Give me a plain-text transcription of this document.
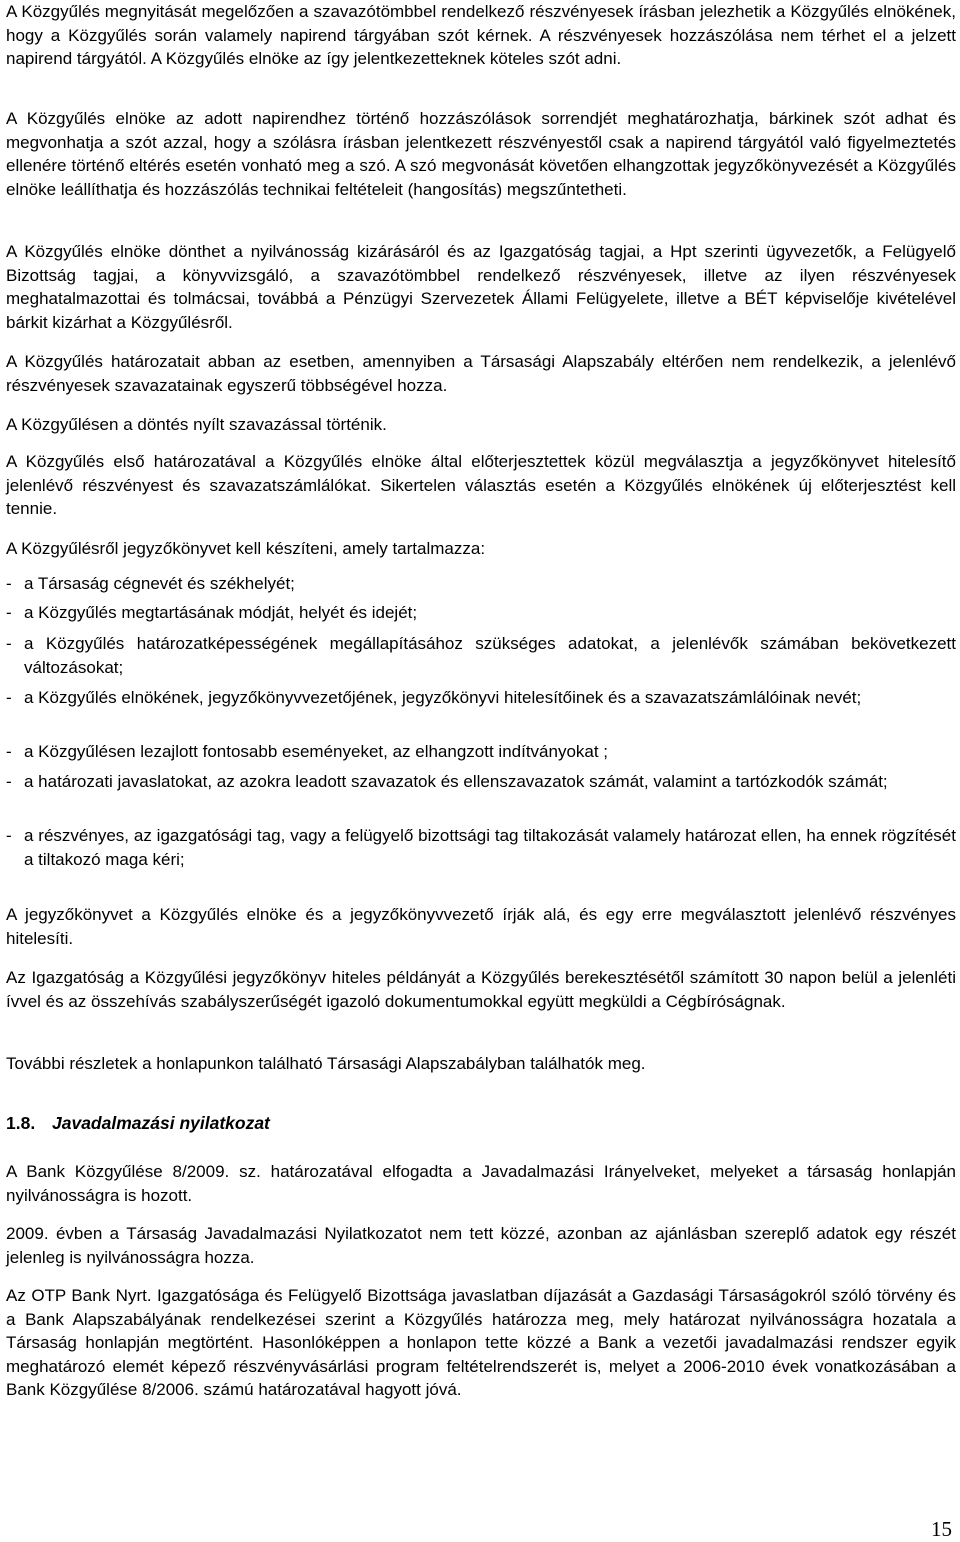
A Közgyűlés megnyitását megelőzően a szavazótömbbel rendelkező részvényesek írásban jelezhetik a Közgyűlés elnökének, hogy a Közgyűlés során valamely napirend tárgyában szót kérnek. A részvényesek hozzászólása nem térhet el a jelzett napirend tárgyától. A Közgyűlés elnöke az így jelentkezetteknek köteles szót adni.

A Közgyűlés elnöke az adott napirendhez történő hozzászólások sorrendjét meghatározhatja, bárkinek szót adhat és megvonhatja a szót azzal, hogy a szólásra írásban jelentkezett részvényestől csak a napirend tárgyától való figyelmeztetés ellenére történő eltérés esetén vonható meg a szó. A szó megvonását követően elhangzottak jegyzőkönyvezését a Közgyűlés elnöke leállíthatja és hozzászólás technikai feltételeit (hangosítás) megszűntetheti.

A Közgyűlés elnöke dönthet a nyilvánosság kizárásáról és az Igazgatóság tagjai, a Hpt szerinti ügyvezetők, a Felügyelő Bizottság tagjai, a könyvvizsgáló, a szavazótömbbel rendelkező részvényesek, illetve az ilyen részvényesek meghatalmazottai és tolmácsai, továbbá a Pénzügyi Szervezetek Állami Felügyelete, illetve a BÉT képviselője kivételével bárkit kizárhat a Közgyűlésről.

A Közgyűlés határozatait abban az esetben, amennyiben a Társasági Alapszabály eltérően nem rendelkezik, a jelenlévő részvényesek szavazatainak egyszerű többségével hozza.

A Közgyűlésen a döntés nyílt szavazással történik.

A Közgyűlés első határozatával a Közgyűlés elnöke által előterjesztettek közül megválasztja a jegyzőkönyvet hitelesítő jelenlévő részvényest és szavazatszámlálókat. Sikertelen választás esetén a Közgyűlés elnökének új előterjesztést kell tennie.

A Közgyűlésről jegyzőkönyvet kell készíteni, amely tartalmazza:

- a Társaság cégnevét és székhelyét;
- a Közgyűlés megtartásának módját, helyét és idejét;
- a Közgyűlés határozatképességének megállapításához szükséges adatokat, a jelenlévők számában bekövetkezett változásokat;
- a Közgyűlés elnökének, jegyzőkönyvvezetőjének, jegyzőkönyvi hitelesítőinek és a szavazatszámlálóinak nevét;
- a Közgyűlésen lezajlott fontosabb eseményeket, az elhangzott indítványokat ;
- a határozati javaslatokat, az azokra leadott szavazatok és ellenszavazatok számát, valamint a tartózkodók számát;
- a részvényes, az igazgatósági tag, vagy a felügyelő bizottsági tag tiltakozását valamely határozat ellen, ha ennek rögzítését a tiltakozó maga kéri;

A jegyzőkönyvet a Közgyűlés elnöke és a jegyzőkönyvvezető írják alá, és egy erre megválasztott jelenlévő részvényes hitelesíti.

Az Igazgatóság a Közgyűlési jegyzőkönyv hiteles példányát a Közgyűlés berekesztésétől számított 30 napon belül a jelenléti ívvel és az összehívás szabályszerűségét igazoló dokumentumokkal együtt megküldi a Cégbíróságnak.

További részletek a honlapunkon található Társasági Alapszabályban találhatók meg.

1.8. Javadalmazási nyilatkozat

A Bank Közgyűlése 8/2009. sz. határozatával elfogadta a Javadalmazási Irányelveket, melyeket a társaság honlapján nyilvánosságra is hozott.

2009. évben a Társaság Javadalmazási Nyilatkozatot nem tett közzé, azonban az ajánlásban szereplő adatok egy részét jelenleg is nyilvánosságra hozza.

Az OTP Bank Nyrt. Igazgatósága és Felügyelő Bizottsága javaslatban díjazását a Gazdasági Társaságokról szóló törvény és a Bank Alapszabályának rendelkezései szerint a Közgyűlés határozza meg, mely határozat nyilvánosságra hozatala a Társaság honlapján megtörtént. Hasonlóképpen a honlapon tette közzé a Bank a vezetői javadalmazási rendszer egyik meghatározó elemét képező részvényvásárlási program feltételrendszerét is, melyet a 2006-2010 évek vonatkozásában a Bank Közgyűlése 8/2006. számú határozatával hagyott jóvá.

15
